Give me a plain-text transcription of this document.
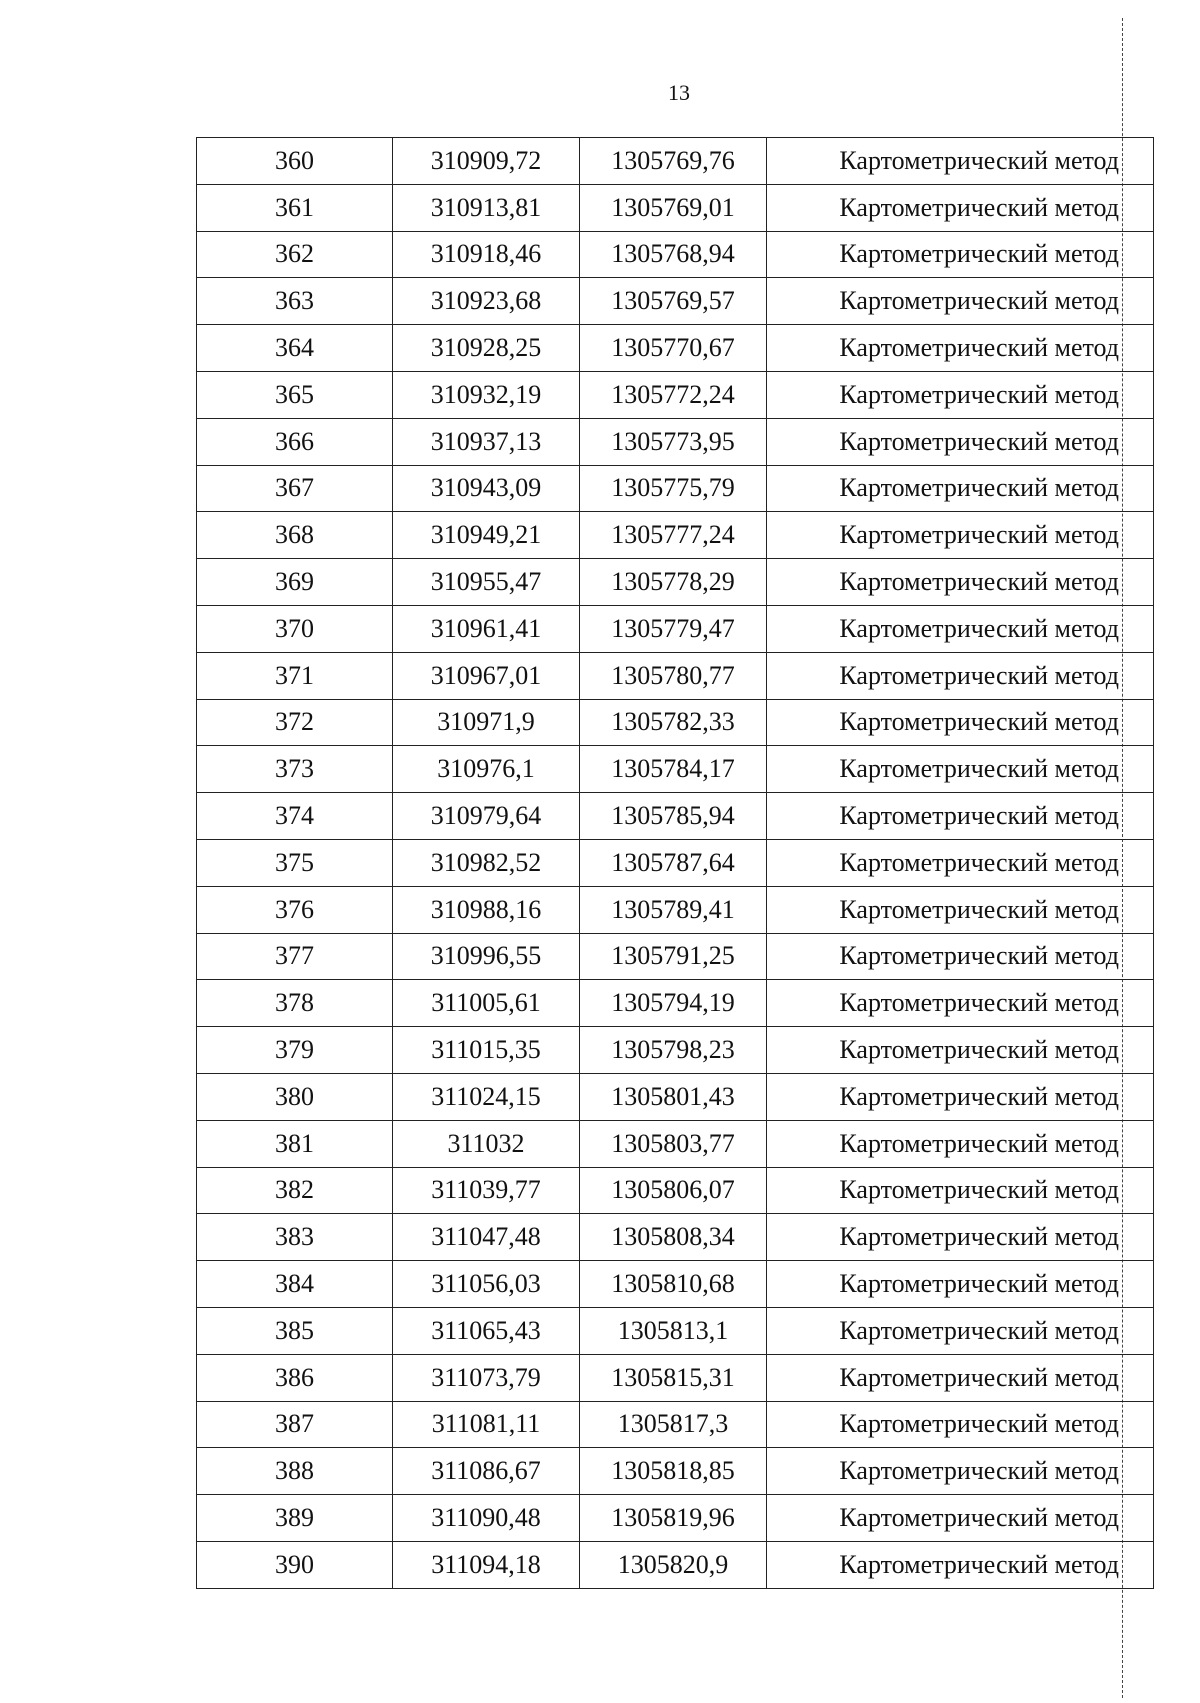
13
360	310909,72	1305769,76	Картометрический метод
361	310913,81	1305769,01	Картометрический метод
362	310918,46	1305768,94	Картометрический метод
363	310923,68	1305769,57	Картометрический метод
364	310928,25	1305770,67	Картометрический метод
365	310932,19	1305772,24	Картометрический метод
366	310937,13	1305773,95	Картометрический метод
367	310943,09	1305775,79	Картометрический метод
368	310949,21	1305777,24	Картометрический метод
369	310955,47	1305778,29	Картометрический метод
370	310961,41	1305779,47	Картометрический метод
371	310967,01	1305780,77	Картометрический метод
372	310971,9	1305782,33	Картометрический метод
373	310976,1	1305784,17	Картометрический метод
374	310979,64	1305785,94	Картометрический метод
375	310982,52	1305787,64	Картометрический метод
376	310988,16	1305789,41	Картометрический метод
377	310996,55	1305791,25	Картометрический метод
378	311005,61	1305794,19	Картометрический метод
379	311015,35	1305798,23	Картометрический метод
380	311024,15	1305801,43	Картометрический метод
381	311032	1305803,77	Картометрический метод
382	311039,77	1305806,07	Картометрический метод
383	311047,48	1305808,34	Картометрический метод
384	311056,03	1305810,68	Картометрический метод
385	311065,43	1305813,1	Картометрический метод
386	311073,79	1305815,31	Картометрический метод
387	311081,11	1305817,3	Картометрический метод
388	311086,67	1305818,85	Картометрический метод
389	311090,48	1305819,96	Картометрический метод
390	311094,18	1305820,9	Картометрический метод
